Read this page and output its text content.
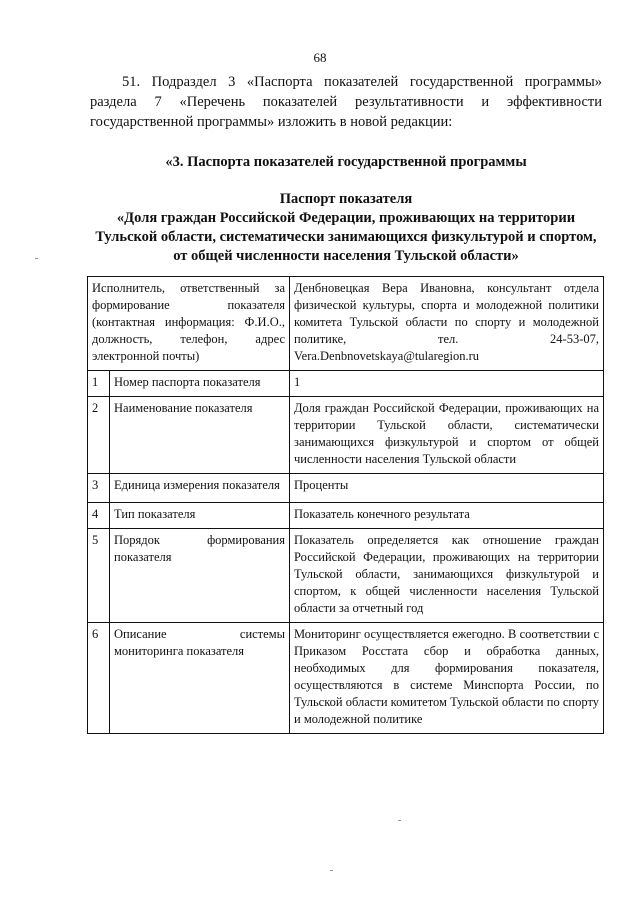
68

51. Подраздел 3 «Паспорта показателей государственной программы» раздела 7 «Перечень показателей результативности и эффективности государственной программы» изложить в новой редакции:

«3. Паспорта показателей государственной программы

Паспорт показателя

«Доля граждан Российской Федерации, проживающих на территории Тульской области, систематически занимающихся физкультурой и спортом, от общей численности населения Тульской области»

Исполнитель, ответственный за формирование показателя (контактная информация: Ф.И.О., должность, телефон, адрес электронной почты)		Денбновецкая Вера Ивановна, консультант отдела физической культуры, спорта и молодежной политики комитета Тульской области по спорту и молодежной политике, тел. 24-53-07, Vera.Denbnovetskaya@tularegion.ru
1	Номер паспорта показателя	1
2	Наименование показателя	Доля граждан Российской Федерации, проживающих на территории Тульской области, систематически занимающихся физкультурой и спортом от общей численности населения Тульской области
3	Единица измерения показателя	Проценты
4	Тип показателя	Показатель конечного результата
5	Порядок формирования показателя	Показатель определяется как отношение граждан Российской Федерации, проживающих на территории Тульской области, занимающихся физкультурой и спортом, к общей численности населения Тульской области за отчетный год
6	Описание системы мониторинга показателя	Мониторинг осуществляется ежегодно. В соответствии с Приказом Росстата сбор и обработка данных, необходимых для формирования показателя, осуществляются в системе Минспорта России, по Тульской области комитетом Тульской области по спорту и молодежной политике
